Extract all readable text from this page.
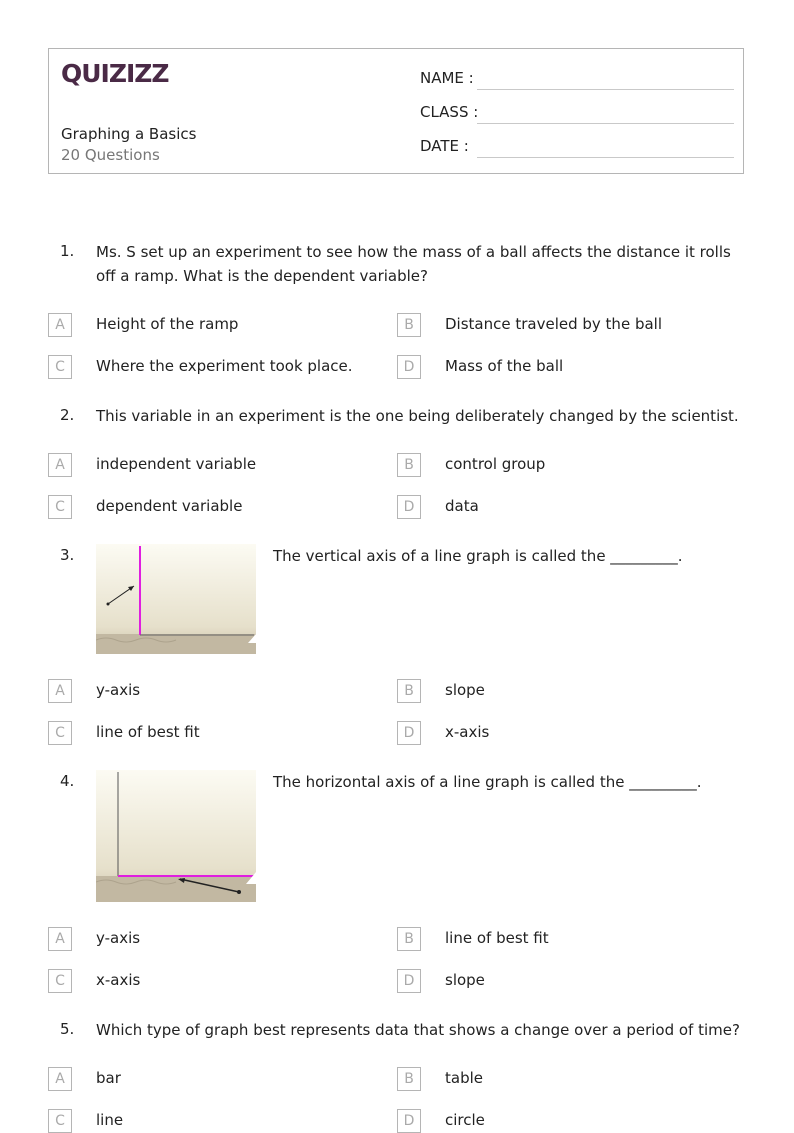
QUIZIZZ
Graphing a Basics
20 Questions
NAME :
CLASS :
DATE :
1. Ms. S set up an experiment to see how the mass of a ball affects the distance it rolls off a ramp. What is the dependent variable?
A	Height of the ramp	B	Distance traveled by the ball
C	Where the experiment took place.	D	Mass of the ball
2. This variable in an experiment is the one being deliberately changed by the scientist.
A	independent variable	B	control group
C	dependent variable	D	data
3.	The vertical axis of a line graph is called the _________.
A	y-axis	B	slope
C	line of best fit	D	x-axis
4.	The horizontal axis of a line graph is called the _________.
A	y-axis	B	line of best fit
C	x-axis	D	slope
5. Which type of graph best represents data that shows a change over a period of time?
A	bar	B	table
C	line	D	circle
